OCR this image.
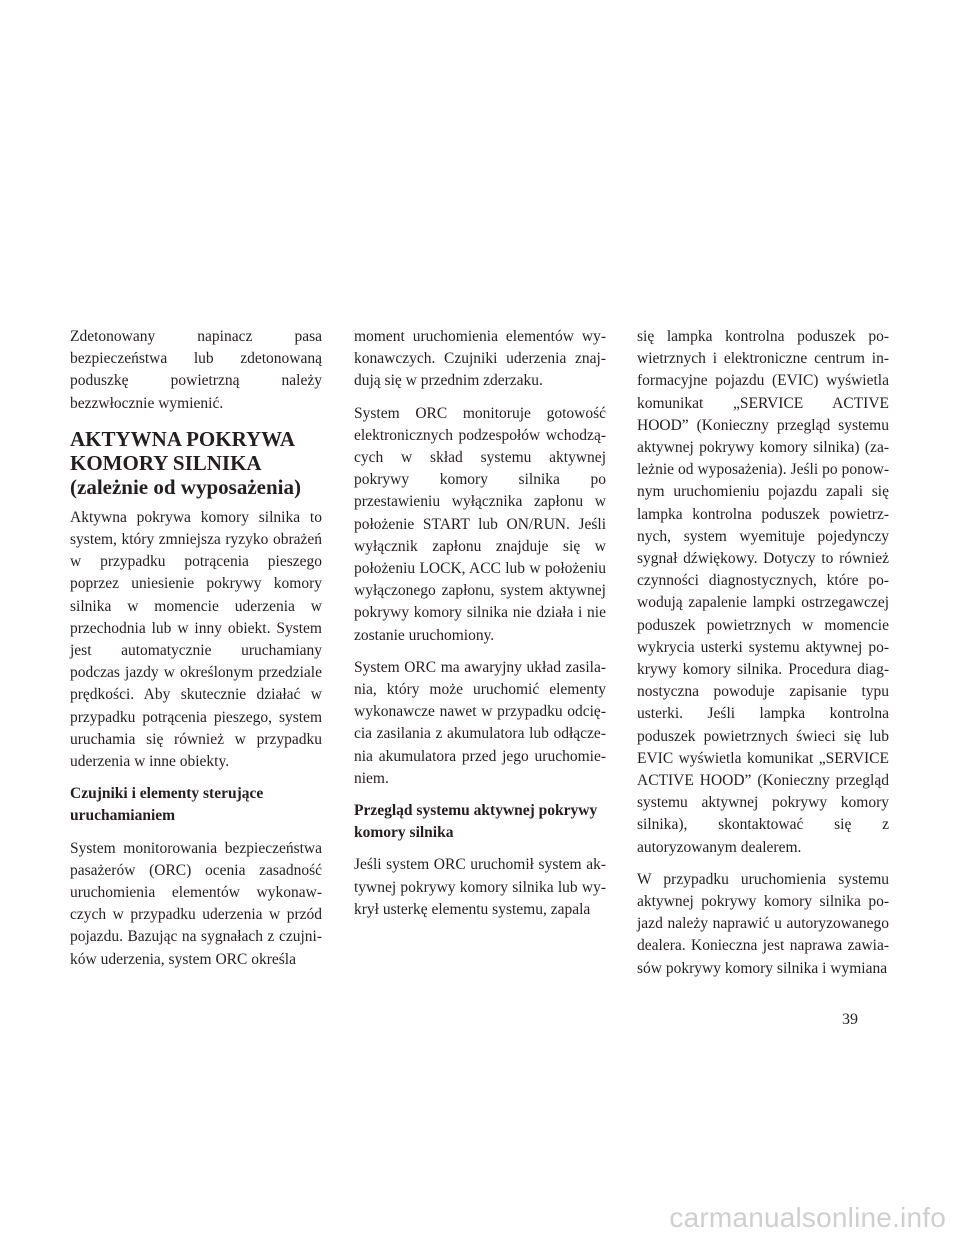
Zdetonowany napinacz pasa bezpieczeństwa lub zdetonowaną poduszkę powietrzną należy bezzwłocznie wymienić.

AKTYWNA POKRYWA KOMORY SILNIKA (zależnie od wyposażenia)

Aktywna pokrywa komory silnika to system, który zmniejsza ryzyko obrażeń w przypadku potrącenia pieszego poprzez uniesienie pokrywy komory silnika w momencie uderzenia w przechodnia lub w inny obiekt. System jest automatycznie uruchamiany podczas jazdy w określonym przedziale prędkości. Aby skutecznie działać w przypadku potrącenia pieszego, system uruchamia się również w przypadku uderzenia w inne obiekty.

Czujniki i elementy sterujące uruchamianiem

System monitorowania bezpieczeństwa pasażerów (ORC) ocenia zasadność uruchomienia elementów wykonawczych w przypadku uderzenia w przód pojazdu. Bazując na sygnałach z czujników uderzenia, system ORC określa

moment uruchomienia elementów wykonawczych. Czujniki uderzenia znajdują się w przednim zderzaku.

System ORC monitoruje gotowość elektronicznych podzespołów wchodzących w skład systemu aktywnej pokrywy komory silnika po przestawieniu wyłącznika zapłonu w położenie START lub ON/RUN. Jeśli wyłącznik zapłonu znajduje się w położeniu LOCK, ACC lub w położeniu wyłączonego zapłonu, system aktywnej pokrywy komory silnika nie działa i nie zostanie uruchomiony.

System ORC ma awaryjny układ zasilania, który może uruchomić elementy wykonawcze nawet w przypadku odcięcia zasilania z akumulatora lub odłączenia akumulatora przed jego uruchomieniem.

Przegląd systemu aktywnej pokrywy komory silnika

Jeśli system ORC uruchomił system aktywnej pokrywy komory silnika lub wykrył usterkę elementu systemu, zapala

się lampka kontrolna poduszek powietrznych i elektroniczne centrum informacyjne pojazdu (EVIC) wyświetla komunikat „SERVICE ACTIVE HOOD” (Konieczny przegląd systemu aktywnej pokrywy komory silnika) (zależnie od wyposażenia). Jeśli po ponownym uruchomieniu pojazdu zapali się lampka kontrolna poduszek powietrznych, system wyemituje pojedynczy sygnał dźwiękowy. Dotyczy to również czynności diagnostycznych, które powodują zapalenie lampki ostrzegawczej poduszek powietrznych w momencie wykrycia usterki systemu aktywnej pokrywy komory silnika. Procedura diagnostyczna powoduje zapisanie typu usterki. Jeśli lampka kontrolna poduszek powietrznych świeci się lub EVIC wyświetla komunikat „SERVICE ACTIVE HOOD” (Konieczny przegląd systemu aktywnej pokrywy komory silnika), skontaktować się z autoryzowanym dealerem.

W przypadku uruchomienia systemu aktywnej pokrywy komory silnika pojazd należy naprawić u autoryzowanego dealera. Konieczna jest naprawa zawiasów pokrywy komory silnika i wymiana

39
carmanualsonline.info
